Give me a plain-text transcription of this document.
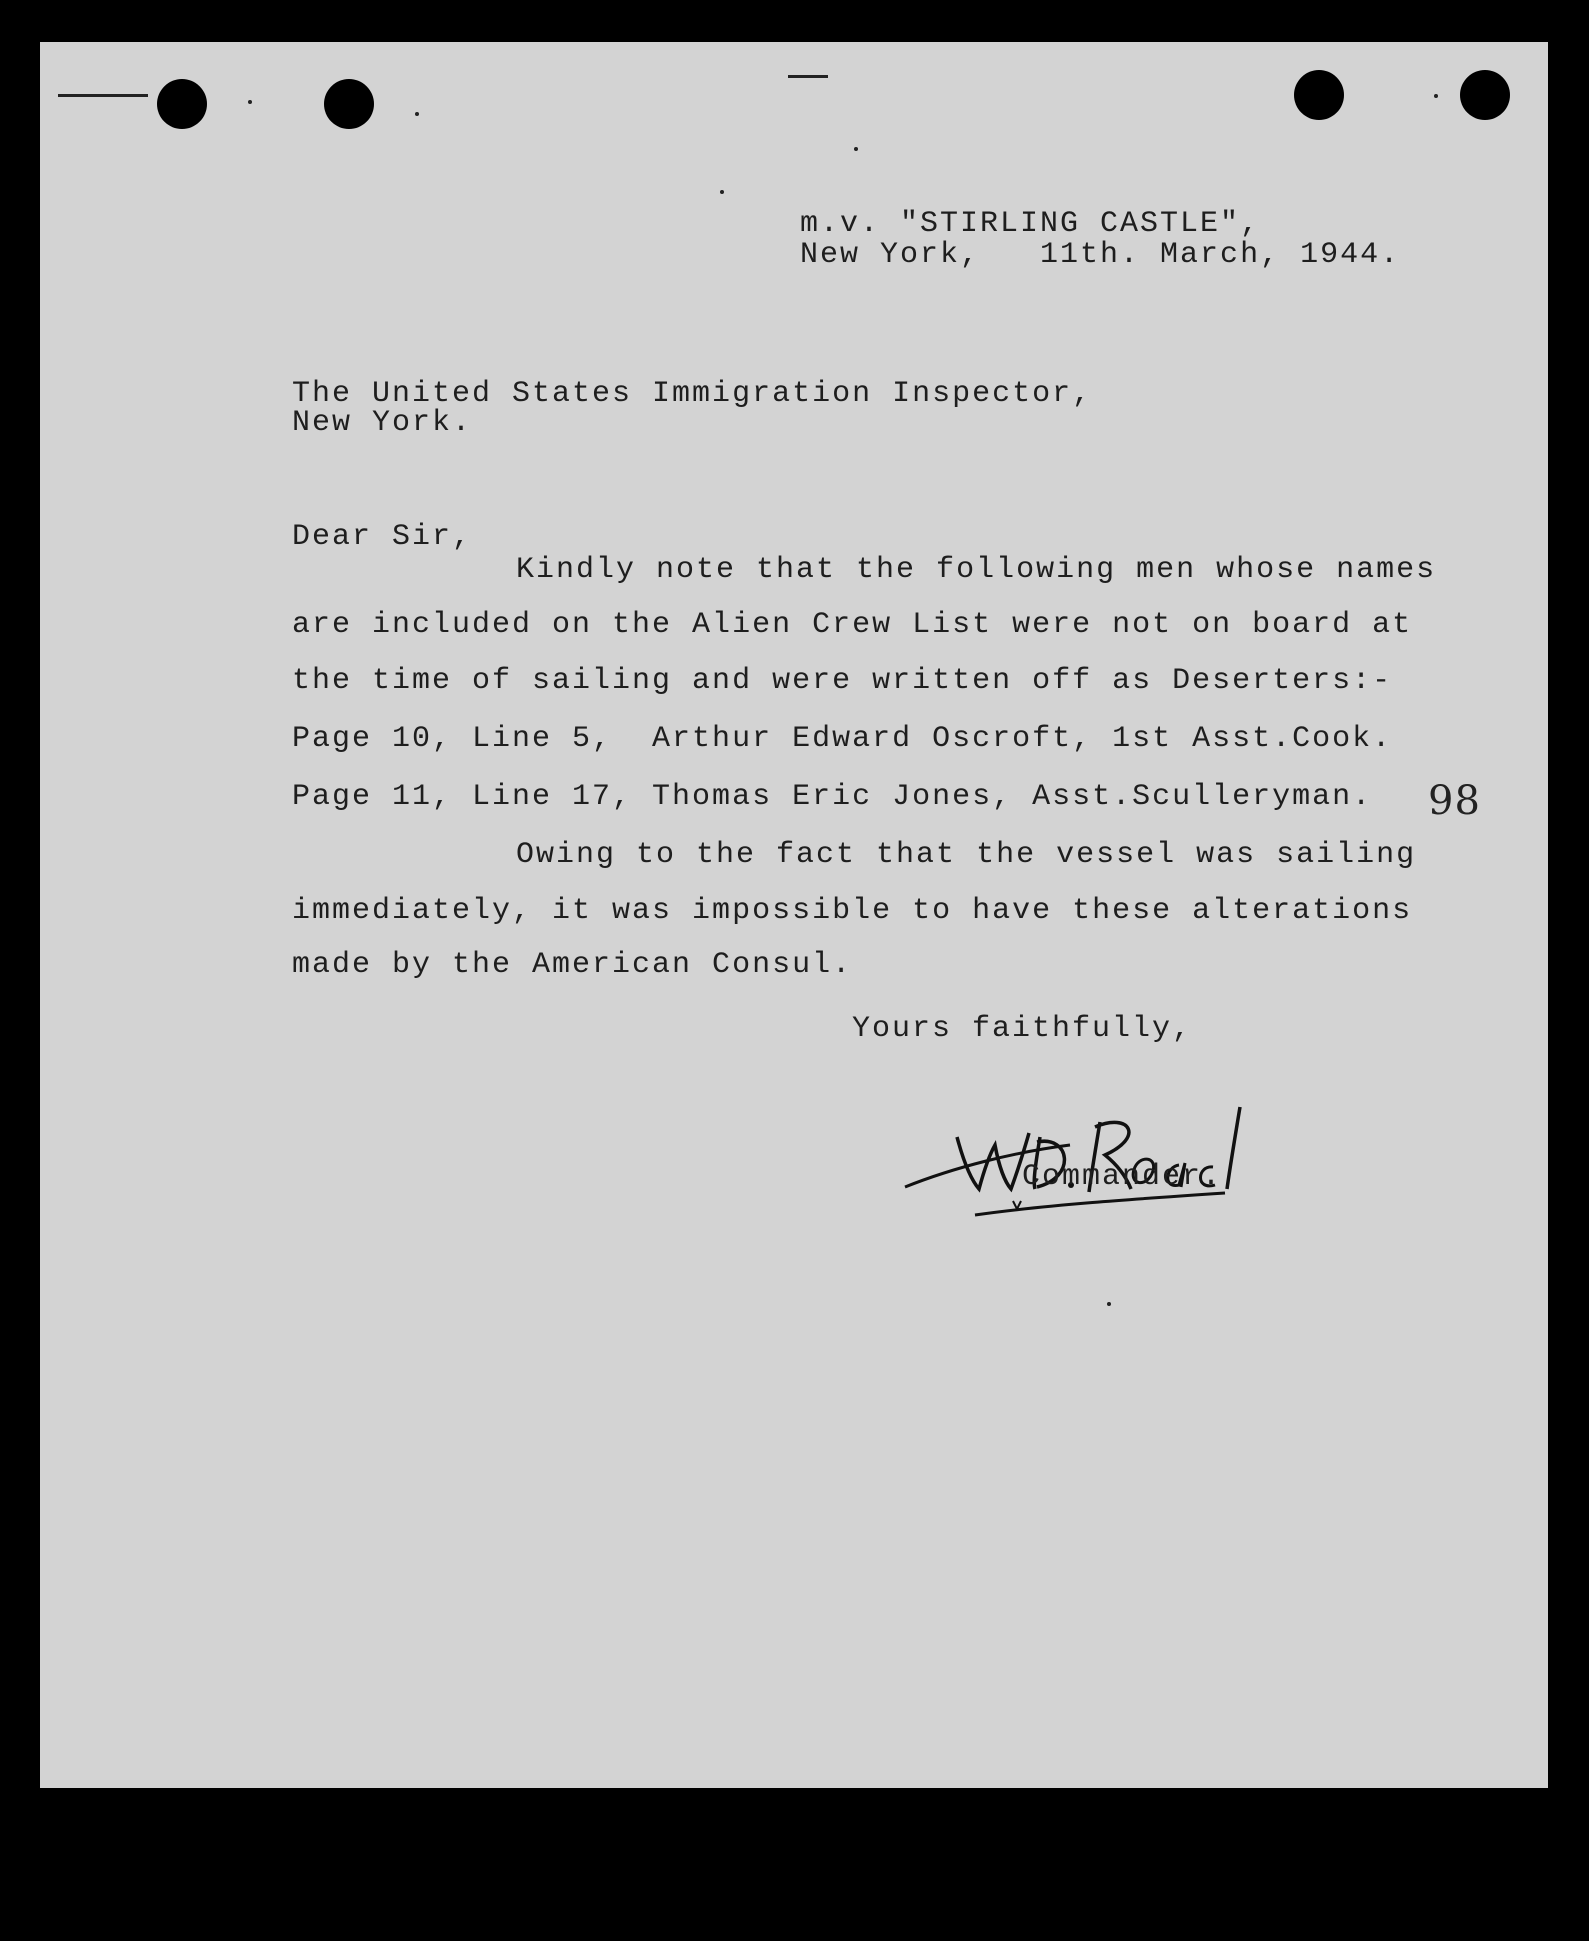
m.v. "STIRLING CASTLE",
New York,   11th. March, 1944.
The United States Immigration Inspector,
New York.
Dear Sir,
Kindly note that the following men whose names
are included on the Alien Crew List were not on board at
the time of sailing and were written off as Deserters:-
Page 10, Line 5,  Arthur Edward Oscroft, 1st Asst.Cook.
Page 11, Line 17, Thomas Eric Jones, Asst.Sculleryman.
Owing to the fact that the vessel was sailing
immediately, it was impossible to have these alterations
made by the American Consul.
98
Yours faithfully,
Commander.
